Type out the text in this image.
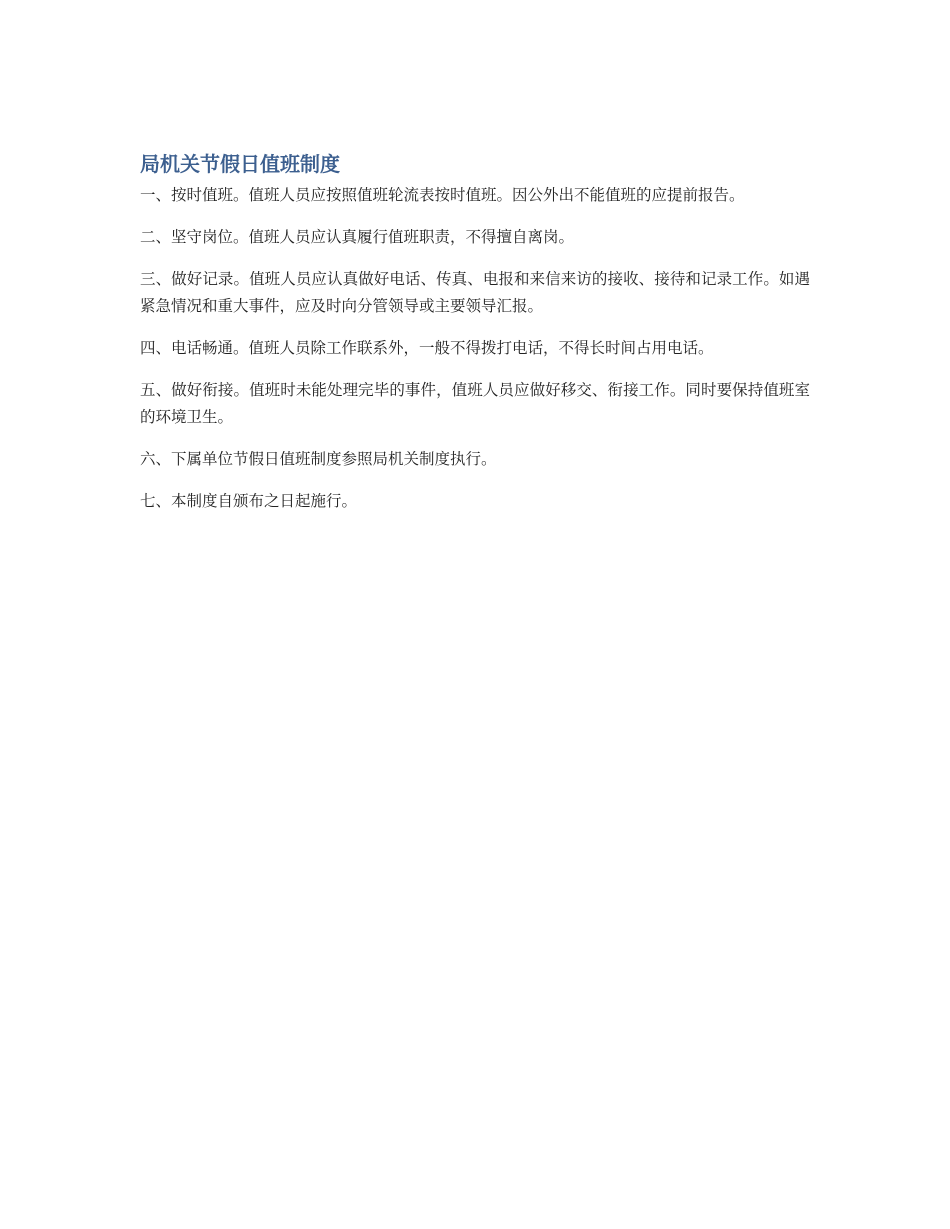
局机关节假日值班制度

一、按时值班。值班人员应按照值班轮流表按时值班。因公外出不能值班的应提前报告。

二、坚守岗位。值班人员应认真履行值班职责，不得擅自离岗。

三、做好记录。值班人员应认真做好电话、传真、电报和来信来访的接收、接待和记录工作。如遇紧急情况和重大事件，应及时向分管领导或主要领导汇报。

四、电话畅通。值班人员除工作联系外，一般不得拨打电话，不得长时间占用电话。

五、做好衔接。值班时未能处理完毕的事件，值班人员应做好移交、衔接工作。同时要保持值班室的环境卫生。

六、下属单位节假日值班制度参照局机关制度执行。

七、本制度自颁布之日起施行。
